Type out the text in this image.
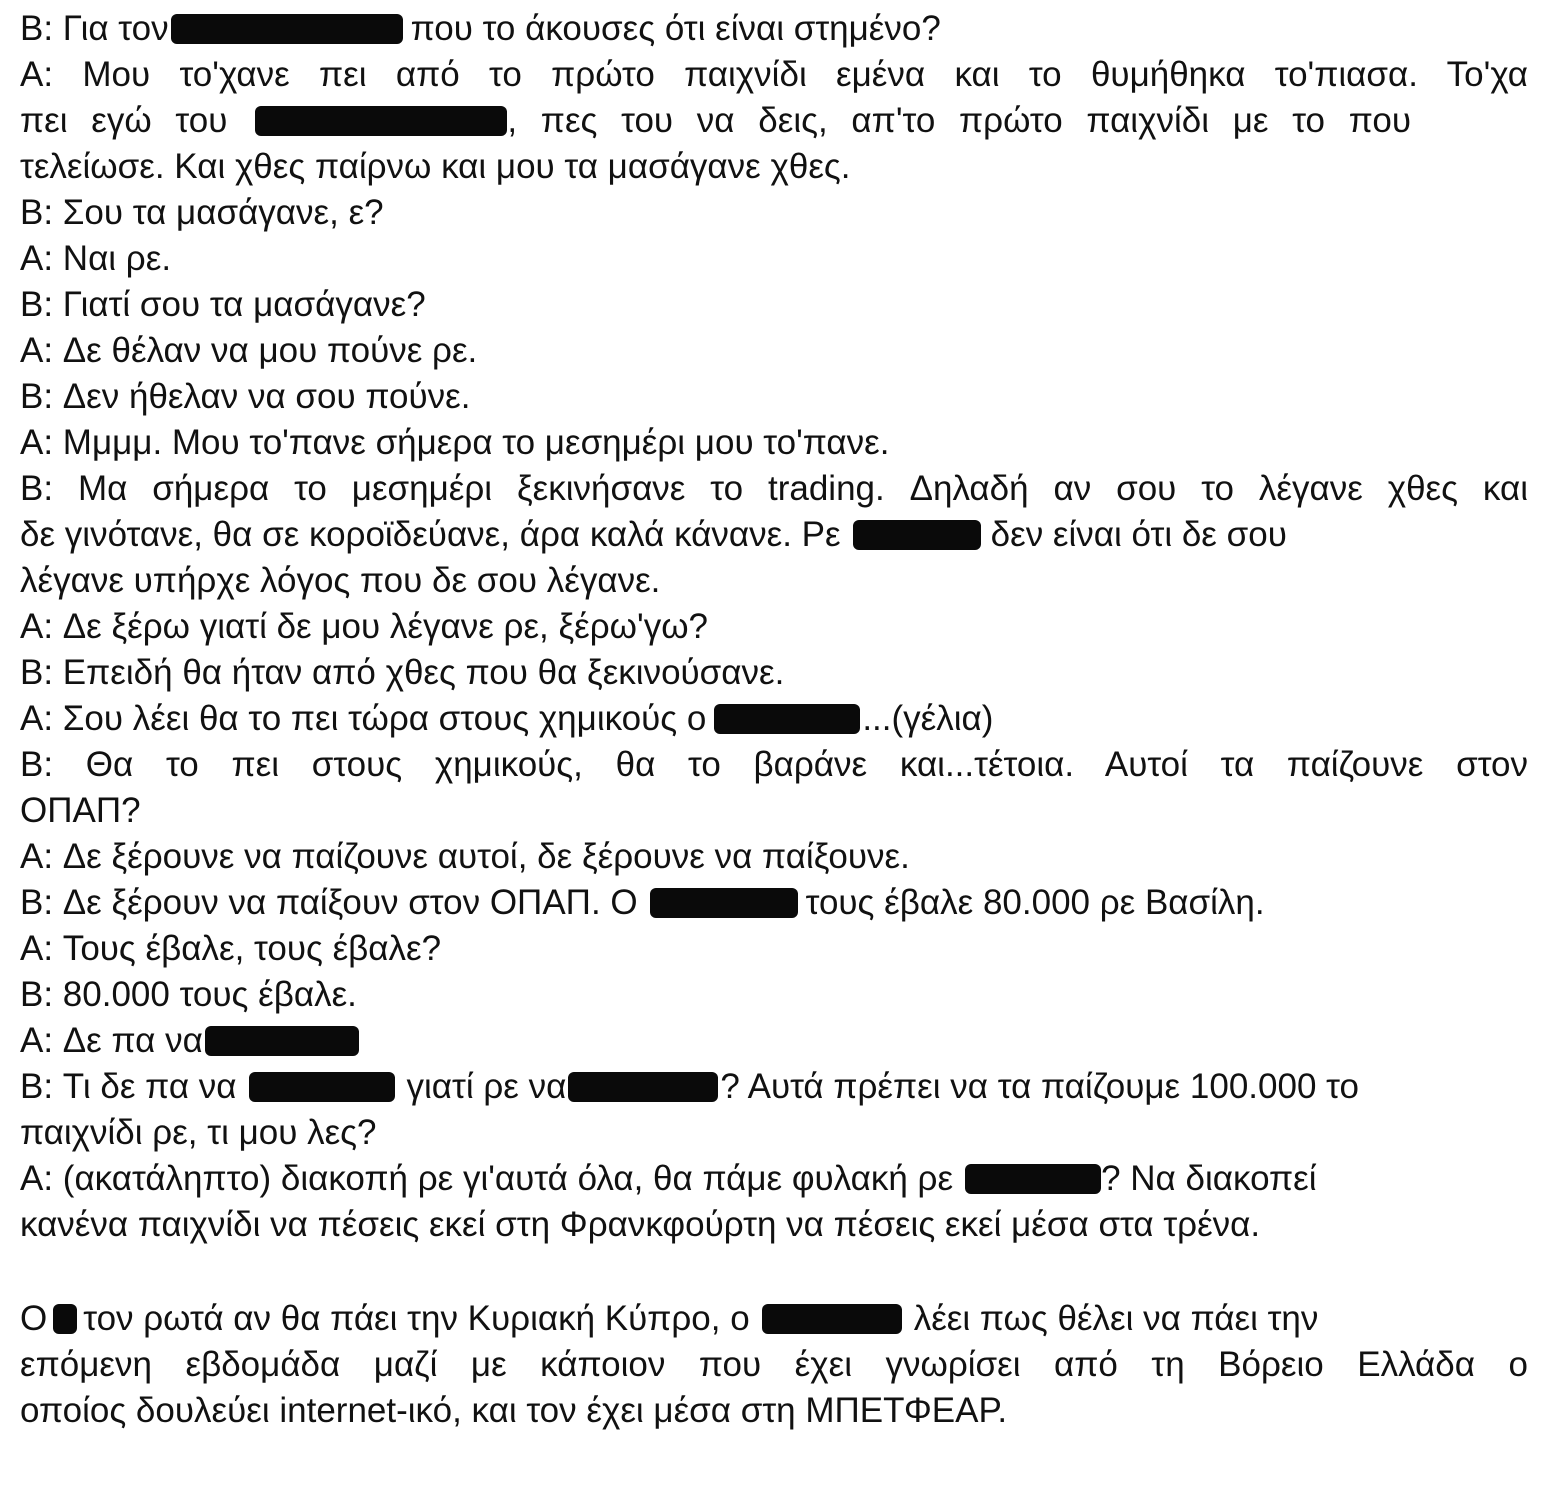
B: Για τον	που το άκουσες ότι είναι στημένο?
A: Μου το'χανε πει από το πρώτο παιχνίδι εμένα και το θυμήθηκα το'πιασα. Το'χα
πει εγώ του	, πες του να δεις, απ'το πρώτο παιχνίδι με το που
τελείωσε. Και χθες παίρνω και μου τα μασάγανε χθες.
B: Σου τα μασάγανε, ε?
A: Ναι ρε.
B: Γιατί σου τα μασάγανε?
A: Δε θέλαν να μου πούνε ρε.
B: Δεν ήθελαν να σου πούνε.
A: Μμμμ. Μου το'πανε σήμερα το μεσημέρι μου το'πανε.
B: Μα σήμερα το μεσημέρι ξεκινήσανε το trading. Δηλαδή αν σου το λέγανε χθες και
δε γινότανε, θα σε κοροϊδεύανε, άρα καλά κάνανε. Ρε	δεν είναι ότι δε σου
λέγανε υπήρχε λόγος που δε σου λέγανε.
A: Δε ξέρω γιατί δε μου λέγανε ρε, ξέρω'γω?
B: Επειδή θα ήταν από χθες που θα ξεκινούσανε.
A: Σου λέει θα το πει τώρα στους χημικούς ο	...(γέλια)
B: Θα το πει στους χημικούς, θα το βαράνε και...τέτοια. Αυτοί τα παίζουνε στον
ΟΠΑΠ?
A: Δε ξέρουνε να παίζουνε αυτοί, δε ξέρουνε να παίξουνε.
B: Δε ξέρουν να παίξουν στον ΟΠΑΠ. Ο	τους έβαλε 80.000 ρε Βασίλη.
A: Τους έβαλε, τους έβαλε?
B: 80.000 τους έβαλε.
A: Δε πα να
B: Τι δε πα να	γιατί ρε να	? Αυτά πρέπει να τα παίζουμε 100.000 το
παιχνίδι ρε, τι μου λες?
A: (ακατάληπτο) διακοπή ρε γι'αυτά όλα, θα πάμε φυλακή ρε	? Να διακοπεί
κανένα παιχνίδι να πέσεις εκεί στη Φρανκφούρτη να πέσεις εκεί μέσα στα τρένα.
Ο τον ρωτά αν θα πάει την Κυριακή Κύπρο, ο	λέει πως θέλει να πάει την
επόμενη εβδομάδα μαζί με κάποιον που έχει γνωρίσει από τη Βόρειο Ελλάδα ο
οποίος δουλεύει internet-ικό, και τον έχει μέσα στη ΜΠΕΤΦΕΑΡ.
